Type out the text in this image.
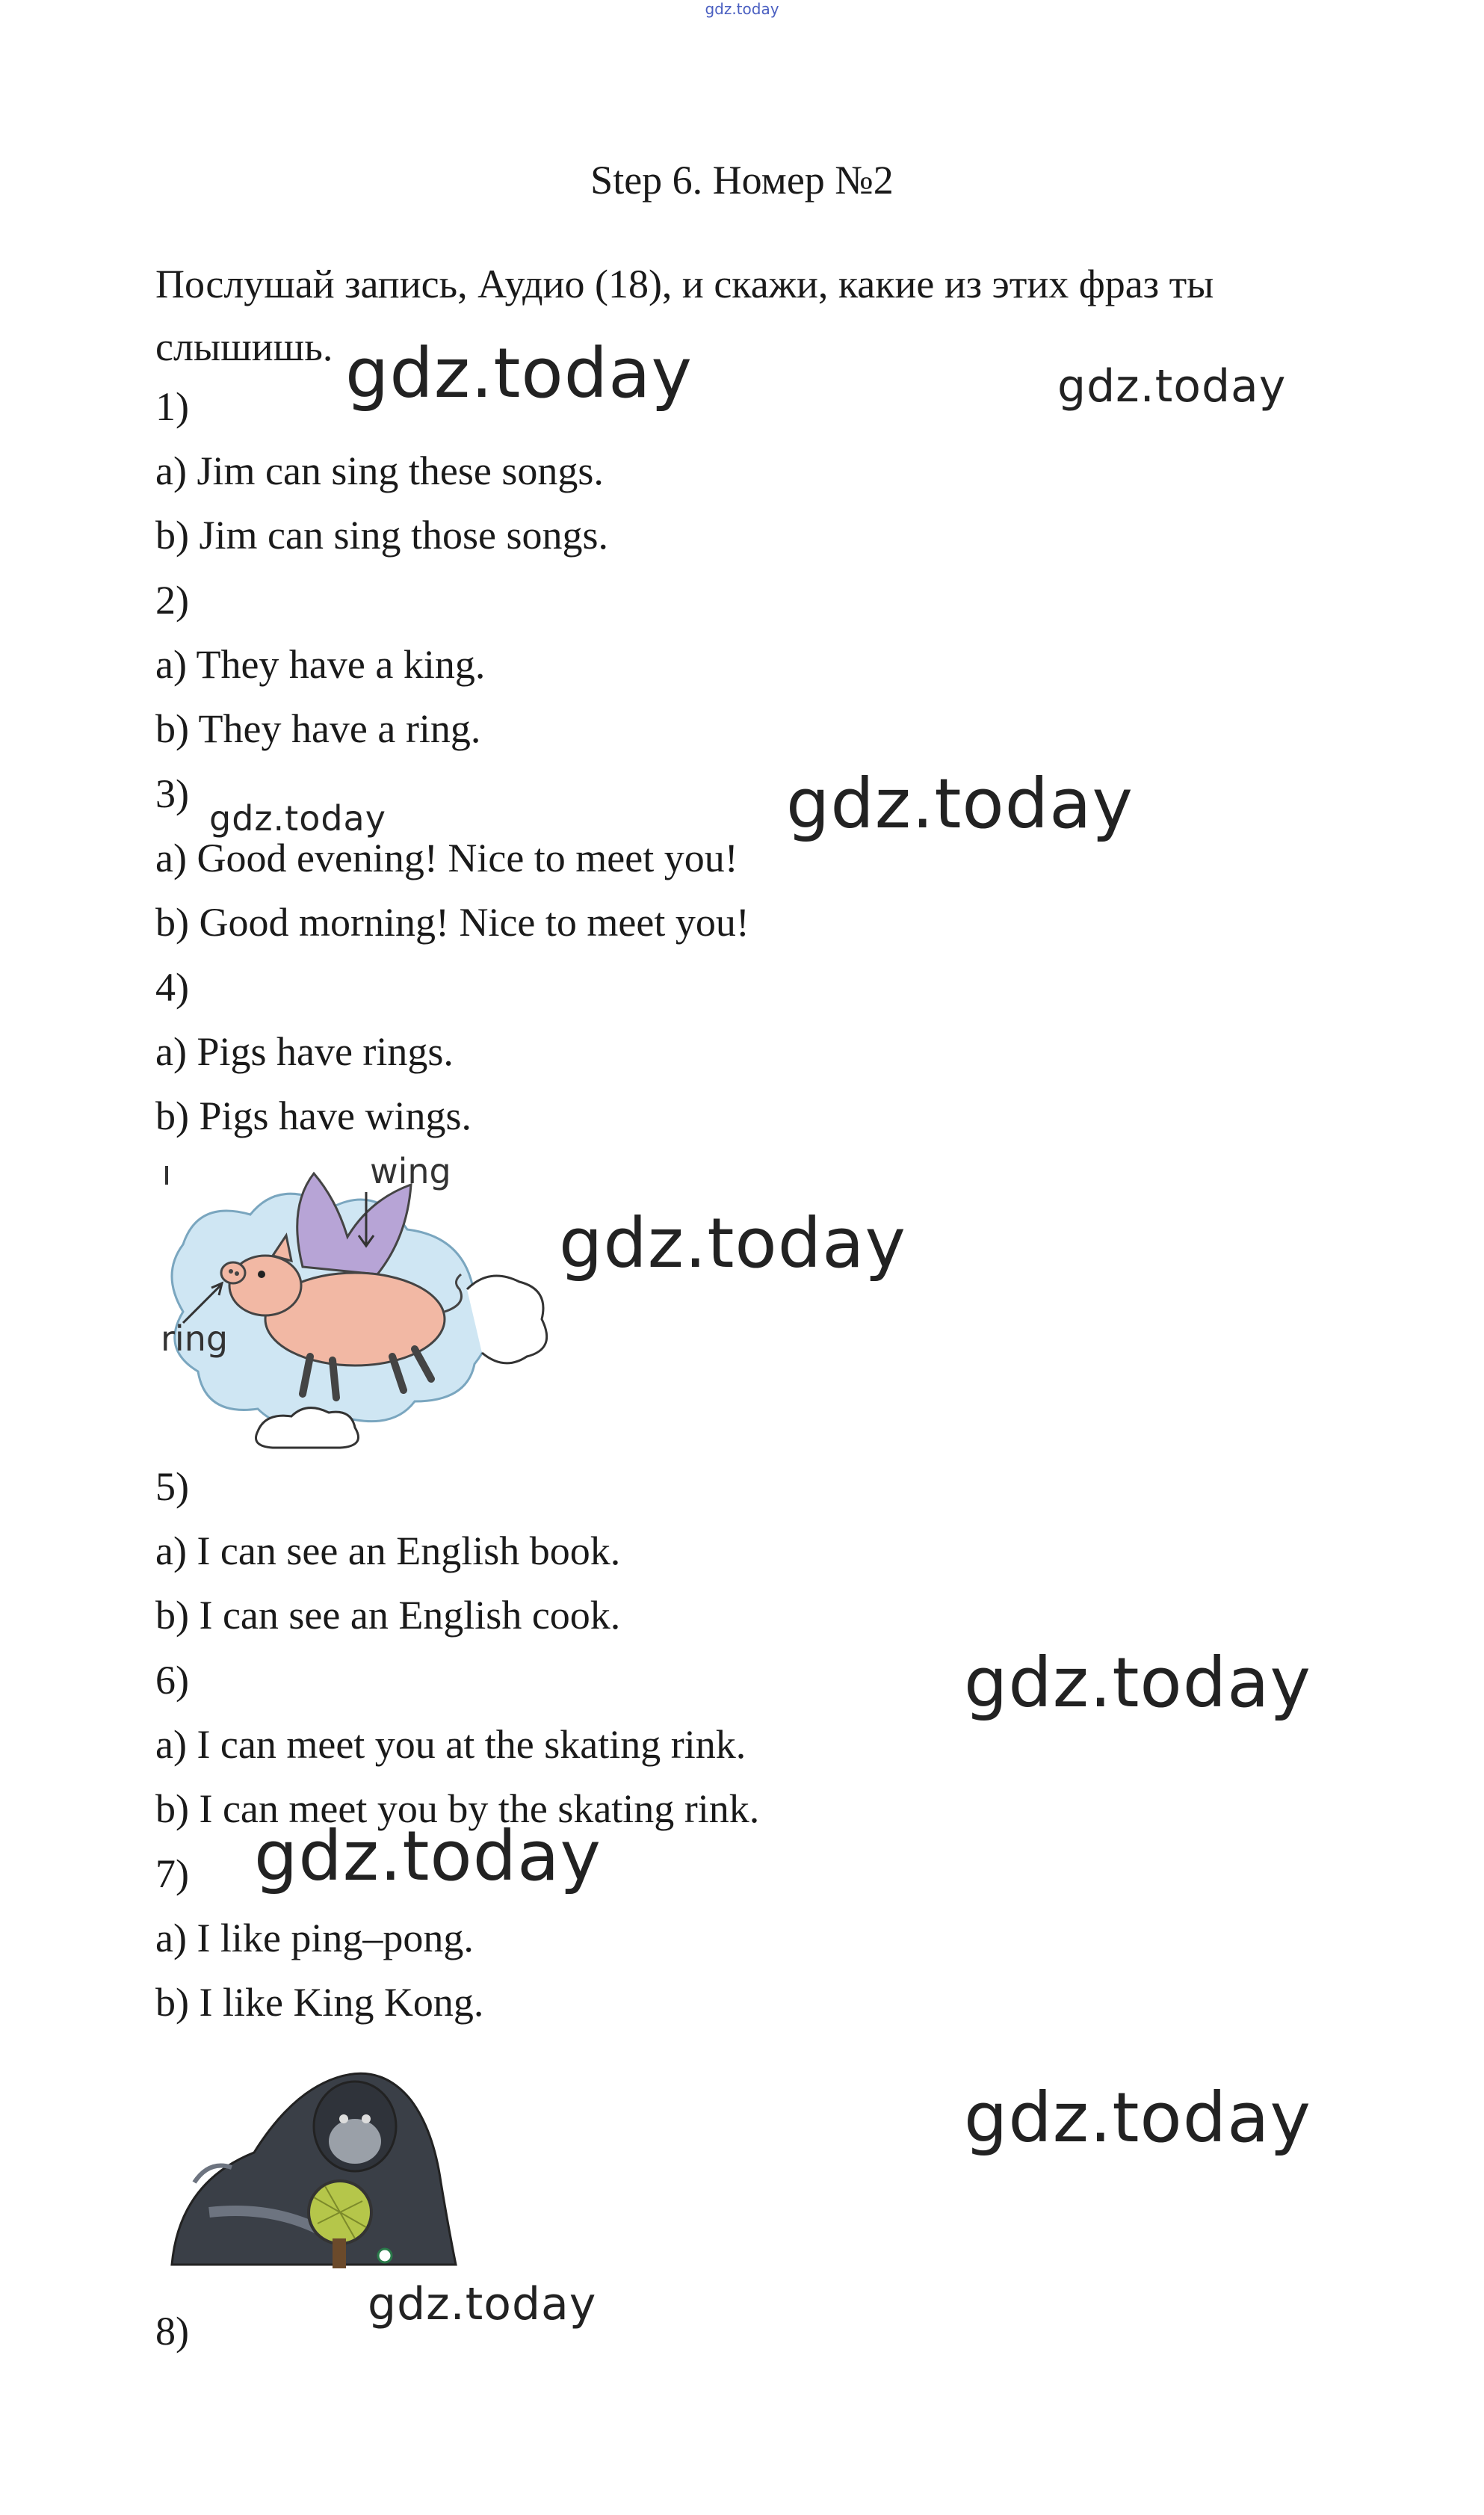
gdz.today
Step 6. Номер №2

Послушай запись, Аудио (18), и скажи, какие из этих фраз ты слышишь.

1)
a) Jim can sing these songs.
b) Jim can sing those songs.
2)
a) They have a king.
b) They have a ring.
3)
a) Good evening! Nice to meet you!
b) Good morning! Nice to meet you!
4)
a) Pigs have rings.
b) Pigs have wings.
wing
ring
5)
a) I can see an English book.
b) I can see an English cook.
6)
a) I can meet you at the skating rink.
b) I can meet you by the skating rink.
7)
a) I like ping–pong.
b) I like King Kong.
8)
gdz.today	gdz.today
gdz.today	gdz.today
gdz.today
gdz.today
gdz.today
gdz.today
gdz.today
